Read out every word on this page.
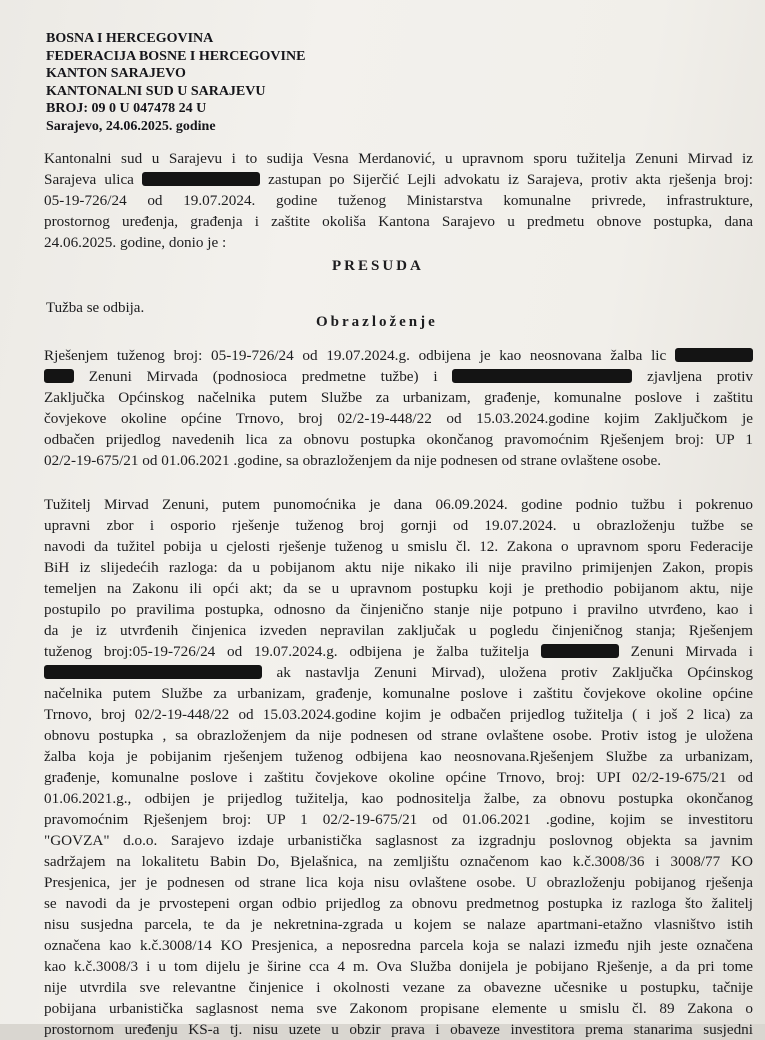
BOSNA I HERCEGOVINA
FEDERACIJA BOSNE I HERCEGOVINE
KANTON SARAJEVO
KANTONALNI SUD U SARAJEVU
BROJ: 09 0 U 047478 24 U
Sarajevo, 24.06.2025. godine
Kantonalni sud u Sarajevu i to sudija Vesna Merdanović, u upravnom sporu tužitelja Zenuni Mirvad iz
Sarajeva ulica	zastupan po Sijerčić Lejli advokatu iz Sarajeva, protiv akta rješenja broj:
05-19-726/24 od 19.07.2024. godine tuženog Ministarstva komunalne privrede, infrastrukture,
prostornog uređenja, građenja i zaštite okoliša Kantona Sarajevo u predmetu obnove postupka, dana
24.06.2025. godine, donio je :
PRESUDA
Tužba se odbija.
Obrazloženje
Rješenjem tuženog broj: 05-19-726/24 od 19.07.2024.g. odbijena je kao neosnovana žalba lic
Zenuni Mirvada (podnosioca predmetne tužbe) i	zjavljena protiv
Zaključka Općinskog načelnika putem Službe za urbanizam, građenje, komunalne poslove i zaštitu
čovjekove okoline općine Trnovo, broj 02/2-19-448/22 od 15.03.2024.godine kojim Zaključkom je
odbačen prijedlog navedenih lica za obnovu postupka okončanog pravomoćnim Rješenjem broj: UP 1
02/2-19-675/21 od 01.06.2021 .godine, sa obrazloženjem da nije podnesen od strane ovlaštene osobe.
Tužitelj Mirvad Zenuni, putem punomoćnika je dana 06.09.2024. godine podnio tužbu i pokrenuo
upravni zbor i osporio rješenje tuženog broj gornji od 19.07.2024. u obrazloženju tužbe se
navodi da tužitel pobija u cjelosti rješenje tuženog u smislu čl. 12. Zakona o upravnom sporu Federacije
BiH iz slijedećih razloga: da u pobijanom aktu nije nikako ili nije pravilno primijenjen Zakon, propis
temeljen na Zakonu ili opći akt; da se u upravnom postupku koji je prethodio pobijanom aktu, nije
postupilo po pravilima postupka, odnosno da činjenično stanje nije potpuno i pravilno utvrđeno, kao i
da je iz utvrđenih činjenica izveden nepravilan zaključak u pogledu činjeničnog stanja; Rješenjem
tuženog broj:05-19-726/24 od 19.07.2024.g. odbijena je žalba tužitelja	Zenuni Mirvada i
ak nastavlja Zenuni Mirvad), uložena protiv Zaključka Općinskog
načelnika putem Službe za urbanizam, građenje, komunalne poslove i zaštitu čovjekove okoline općine
Trnovo, broj 02/2-19-448/22 od 15.03.2024.godine kojim je odbačen prijedlog tužitelja ( i još 2 lica) za
obnovu postupka , sa obrazloženjem da nije podnesen od strane ovlaštene osobe. Protiv istog je uložena
žalba koja je pobijanim rješenjem tuženog odbijena kao neosnovana.Rješenjem Službe za urbanizam,
građenje, komunalne poslove i zaštitu čovjekove okoline općine Trnovo, broj: UPI 02/2-19-675/21 od
01.06.2021.g., odbijen je prijedlog tužitelja, kao podnositelja žalbe, za obnovu postupka okončanog
pravomoćnim Rješenjem broj: UP 1 02/2-19-675/21 od 01.06.2021 .godine, kojim se investitoru
"GOVZA" d.o.o. Sarajevo izdaje urbanistička saglasnost za izgradnju poslovnog objekta sa javnim
sadržajem na lokalitetu Babin Do, Bjelašnica, na zemljištu označenom kao k.č.3008/36 i 3008/77 KO
Presjenica, jer je podnesen od strane lica koja nisu ovlaštene osobe. U obrazloženju pobijanog rješenja
se navodi da je prvostepeni organ odbio prijedlog za obnovu predmetnog postupka iz razloga što žalitelj
nisu susjedna parcela, te da je nekretnina-zgrada u kojem se nalaze apartmani-etažno vlasništvo istih
označena kao k.č.3008/14 KO Presjenica, a neposredna parcela koja se nalazi između njih jeste označena
kao k.č.3008/3 i u tom dijelu je širine cca 4 m. Ova Služba donijela je pobijano Rješenje, a da pri tome
nije utvrdila sve relevantne činjenice i okolnosti vezane za obavezne učesnike u postupku, tačnije
pobijana urbanistička saglasnost nema sve Zakonom propisane elemente u smislu čl. 89 Zakona o
prostornom uređenju KS-a tj. nisu uzete u obzir prava i obaveze investitora prema stanarima susjedni
